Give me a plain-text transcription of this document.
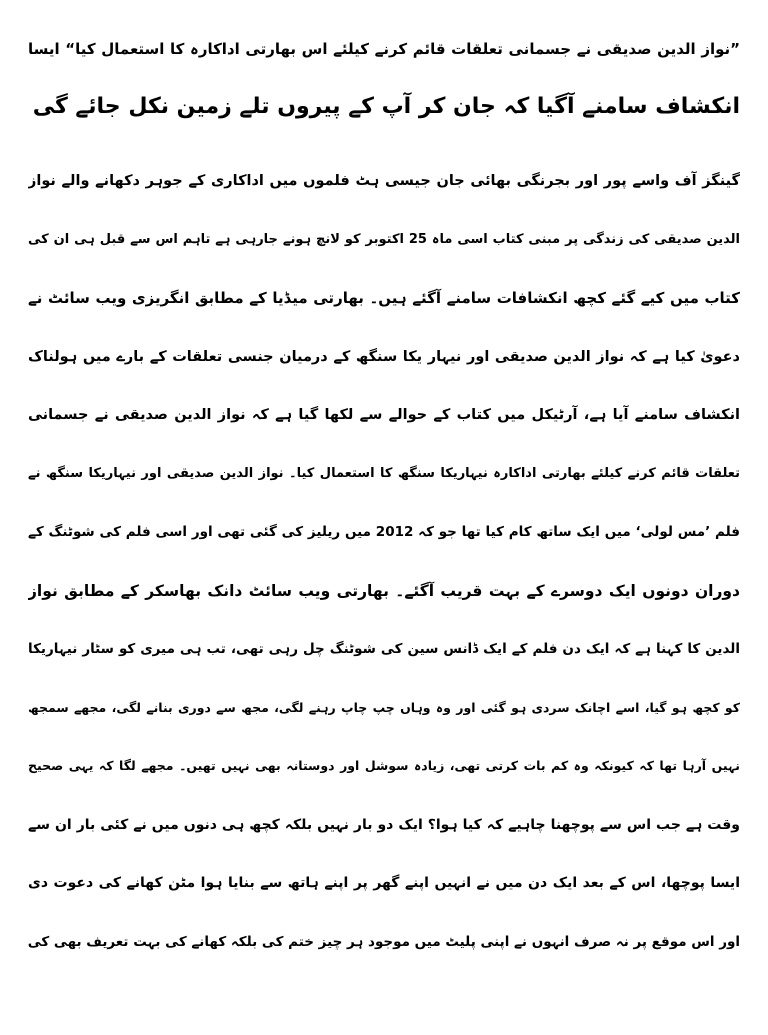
”نواز الدین صدیقی نے جسمانی تعلقات قائم کرنے کیلئے اس بھارتی اداکارہ کا استعمال کیا“ ایسا
انکشاف سامنے آگیا کہ جان کر آپ کے پیروں تلے زمین نکل جائے گی
گینگز آف واسے پور اور بجرنگی بھائی جان جیسی ہٹ فلموں میں اداکاری کے جوہر دکھانے والے نواز
الدین صدیقی کی زندگی پر مبنی کتاب اسی ماہ 25 اکتوبر کو لانچ ہونے جارہی ہے تاہم اس سے قبل ہی ان کی
کتاب میں کیے گئے کچھ انکشافات سامنے آگئے ہیں۔ بھارتی میڈیا کے مطابق انگریزی ویب سائٹ نے
دعویٰ کیا ہے کہ نواز الدین صدیقی اور نیہار یکا سنگھ کے درمیان جنسی تعلقات کے بارے میں ہولناک
انکشاف سامنے آیا ہے، آرٹیکل میں کتاب کے حوالے سے لکھا گیا ہے کہ نواز الدین صدیقی نے جسمانی
تعلقات قائم کرنے کیلئے بھارتی اداکارہ نیہاریکا سنگھ کا استعمال کیا۔ نواز الدین صدیقی اور نیہاریکا سنگھ نے
فلم ’مس لولی‘ میں ایک ساتھ کام کیا تھا جو کہ 2012 میں ریلیز کی گئی تھی اور اسی فلم کی شوٹنگ کے
دوران دونوں ایک دوسرے کے بہت قریب آگئے۔ بھارتی ویب سائٹ دانک بھاسکر کے مطابق نواز
الدین کا کہنا ہے کہ ایک دن فلم کے ایک ڈانس سین کی شوٹنگ چل رہی تھی، تب ہی میری کو سٹار نیہاریکا
کو کچھ ہو گیا، اسے اچانک سردی ہو گئی اور وہ وہاں چپ چاپ رہنے لگی، مجھ سے دوری بنانے لگی، مجھے سمجھ
نہیں آرہا تھا کہ کیونکہ وہ کم بات کرتی تھی، زیادہ سوشل اور دوستانہ بھی نہیں تھیں۔ مجھے لگا کہ یہی صحیح
وقت ہے جب اس سے پوچھنا چاہیے کہ کیا ہوا؟ ایک دو بار نہیں بلکہ کچھ ہی دنوں میں نے کئی بار ان سے
ایسا پوچھا، اس کے بعد ایک دن میں نے انہیں اپنے گھر پر اپنے ہاتھ سے بنایا ہوا مٹن کھانے کی دعوت دی
اور اس موقع پر نہ صرف انہوں نے اپنی پلیٹ میں موجود ہر چیز ختم کی بلکہ کھانے کی بہت تعریف بھی کی
